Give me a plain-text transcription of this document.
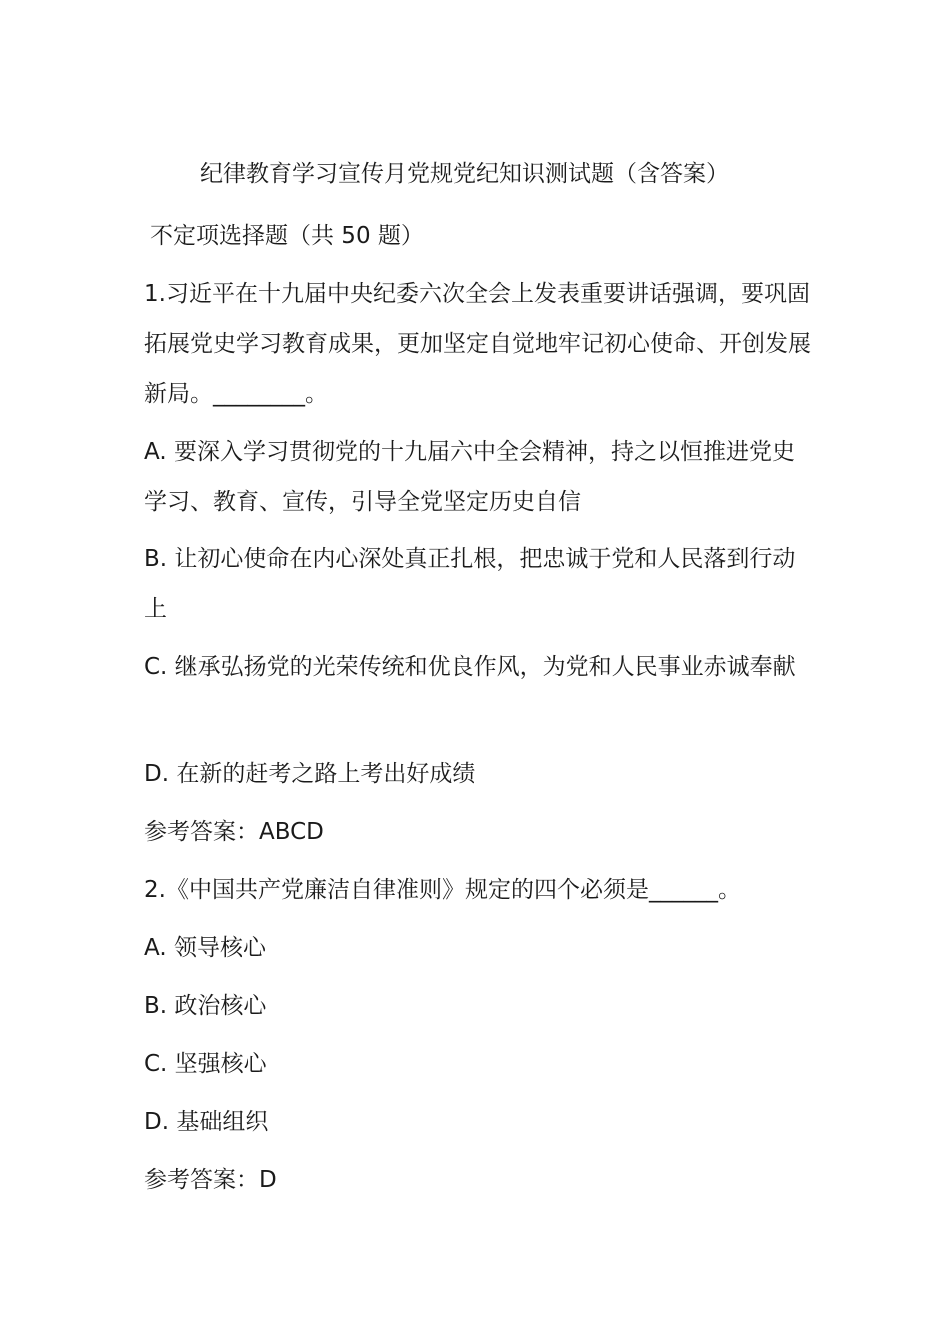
纪律教育学习宣传月党规党纪知识测试题（含答案）
不定项选择题（共 50 题）

1.习近平在十九届中央纪委六次全会上发表重要讲话强调，要巩固拓展党史学习教育成果，更加坚定自觉地牢记初心使命、开创发展新局。________。

A. 要深入学习贯彻党的十九届六中全会精神，持之以恒推进党史学习、教育、宣传，引导全党坚定历史自信

B. 让初心使命在内心深处真正扎根，把忠诚于党和人民落到行动上

C. 继承弘扬党的光荣传统和优良作风，为党和人民事业赤诚奉献

D. 在新的赶考之路上考出好成绩

参考答案：ABCD

2.《中国共产党廉洁自律准则》规定的四个必须是______。

A. 领导核心

B. 政治核心

C. 坚强核心

D. 基础组织

参考答案：D
